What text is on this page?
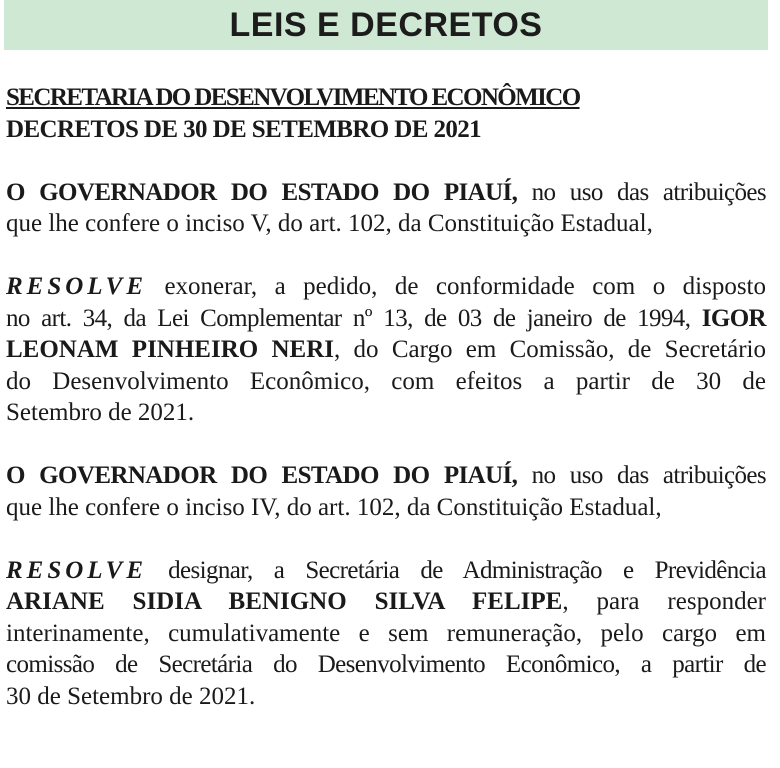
LEIS E DECRETOS

SECRETARIA DO DESENVOLVIMENTO ECONÔMICO

DECRETOS DE 30 DE SETEMBRO DE 2021

O GOVERNADOR DO ESTADO DO PIAUÍ, no uso das atribuições

que lhe confere o inciso V, do art. 102, da Constituição Estadual,

RESOLVE exonerar, a pedido, de conformidade com o disposto

no art. 34, da Lei Complementar nº 13, de 03 de janeiro de 1994, IGOR

LEONAM PINHEIRO NERI, do Cargo em Comissão, de Secretário

do Desenvolvimento Econômico, com efeitos a partir de 30 de

Setembro de 2021.

O GOVERNADOR DO ESTADO DO PIAUÍ, no uso das atribuições

que lhe confere o inciso IV, do art. 102, da Constituição Estadual,

RESOLVE designar, a Secretária de Administração e Previdência

ARIANE SIDIA BENIGNO SILVA FELIPE, para responder

interinamente, cumulativamente e sem remuneração, pelo cargo em

comissão de Secretária do Desenvolvimento Econômico, a partir de

30 de Setembro de 2021.
